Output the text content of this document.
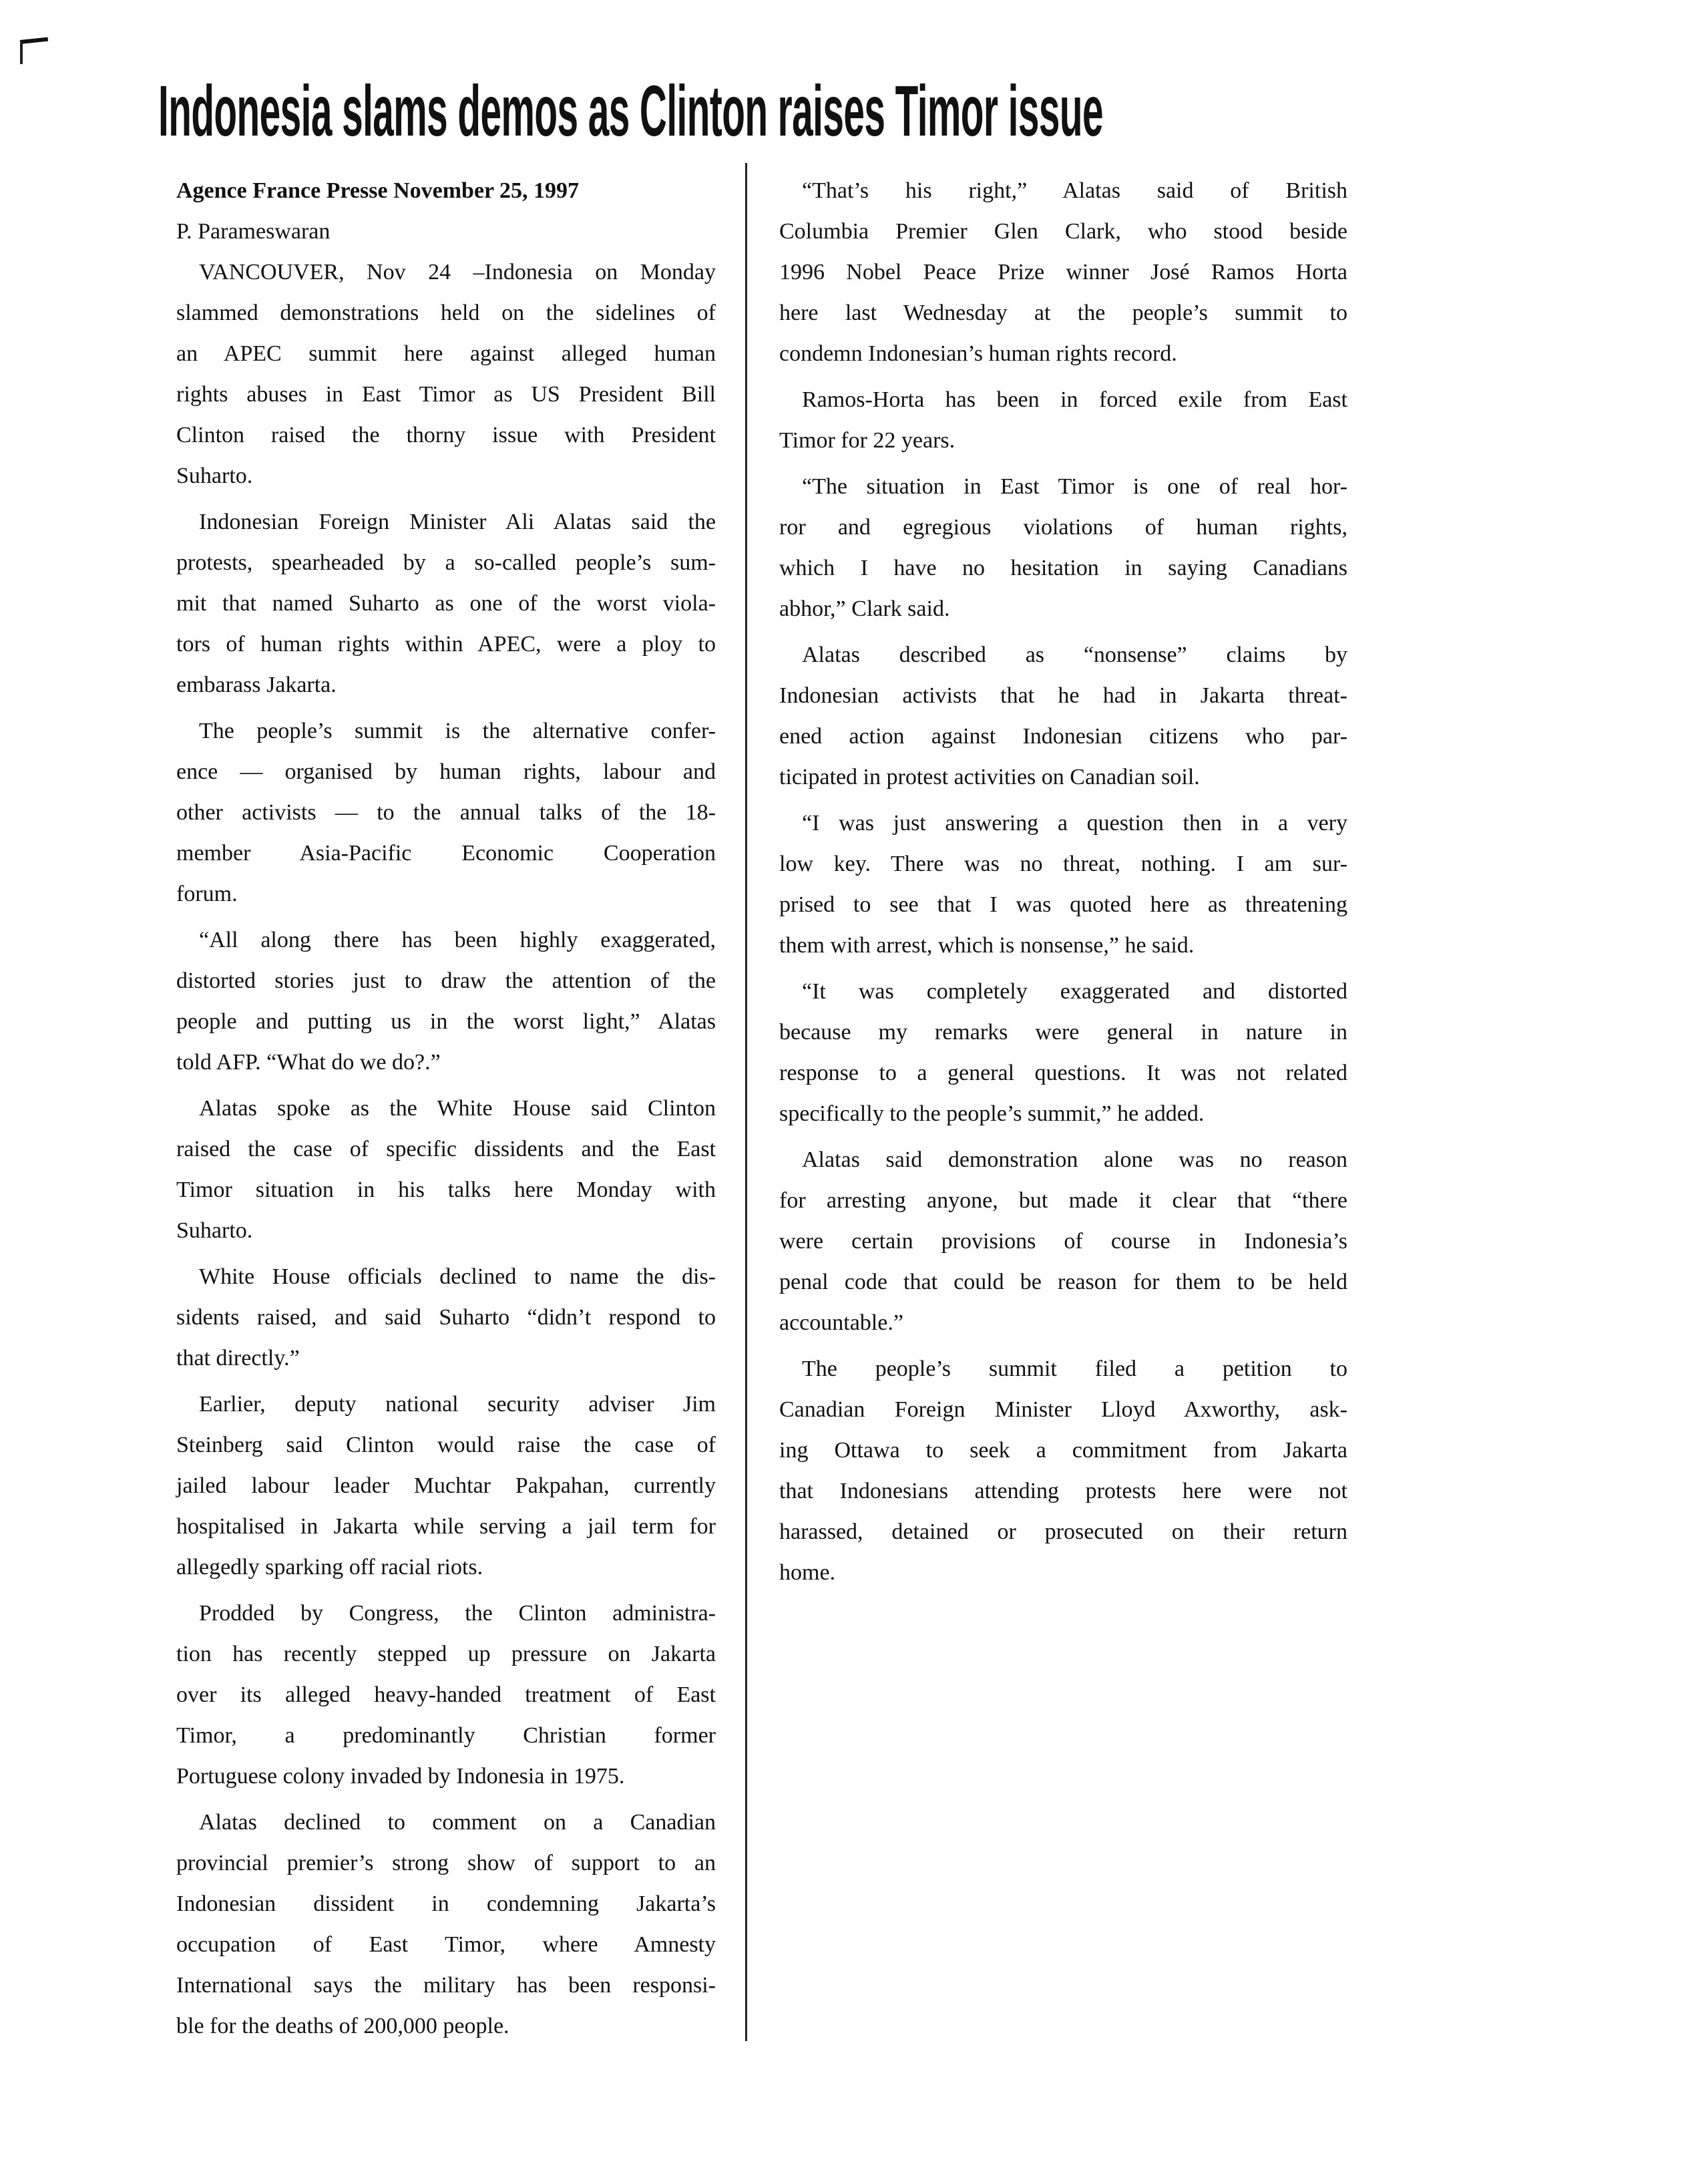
Indonesia slams demos as Clinton raises Timor issue
Agence France Presse November 25, 1997
P. Parameswaran
VANCOUVER, Nov 24 –Indonesia on Monday
slammed demonstrations held on the sidelines of
an APEC summit here against alleged human
rights abuses in East Timor as US President Bill
Clinton raised the thorny issue with President
Suharto.
Indonesian Foreign Minister Ali Alatas said the
protests, spearheaded by a so-called people’s sum-
mit that named Suharto as one of the worst viola-
tors of human rights within APEC, were a ploy to
embarass Jakarta.
The people’s summit is the alternative confer-
ence — organised by human rights, labour and
other activists — to the annual talks of the 18-
member Asia-Pacific Economic Cooperation
forum.
“All along there has been highly exaggerated,
distorted stories just to draw the attention of the
people and putting us in the worst light,” Alatas
told AFP. “What do we do?.”
Alatas spoke as the White House said Clinton
raised the case of specific dissidents and the East
Timor situation in his talks here Monday with
Suharto.
White House officials declined to name the dis-
sidents raised, and said Suharto “didn’t respond to
that directly.”
Earlier, deputy national security adviser Jim
Steinberg said Clinton would raise the case of
jailed labour leader Muchtar Pakpahan, currently
hospitalised in Jakarta while serving a jail term for
allegedly sparking off racial riots.
Prodded by Congress, the Clinton administra-
tion has recently stepped up pressure on Jakarta
over its alleged heavy-handed treatment of East
Timor, a predominantly Christian former
Portuguese colony invaded by Indonesia in 1975.
Alatas declined to comment on a Canadian
provincial premier’s strong show of support to an
Indonesian dissident in condemning Jakarta’s
occupation of East Timor, where Amnesty
International says the military has been responsi-
ble for the deaths of 200,000 people.
“That’s his right,” Alatas said of British
Columbia Premier Glen Clark, who stood beside
1996 Nobel Peace Prize winner José Ramos Horta
here last Wednesday at the people’s summit to
condemn Indonesian’s human rights record.
Ramos-Horta has been in forced exile from East
Timor for 22 years.
“The situation in East Timor is one of real hor-
ror and egregious violations of human rights,
which I have no hesitation in saying Canadians
abhor,” Clark said.
Alatas described as “nonsense” claims by
Indonesian activists that he had in Jakarta threat-
ened action against Indonesian citizens who par-
ticipated in protest activities on Canadian soil.
“I was just answering a question then in a very
low key. There was no threat, nothing. I am sur-
prised to see that I was quoted here as threatening
them with arrest, which is nonsense,” he said.
“It was completely exaggerated and distorted
because my remarks were general in nature in
response to a general questions. It was not related
specifically to the people’s summit,” he added.
Alatas said demonstration alone was no reason
for arresting anyone, but made it clear that “there
were certain provisions of course in Indonesia’s
penal code that could be reason for them to be held
accountable.”
The people’s summit filed a petition to
Canadian Foreign Minister Lloyd Axworthy, ask-
ing Ottawa to seek a commitment from Jakarta
that Indonesians attending protests here were not
harassed, detained or prosecuted on their return
home.
